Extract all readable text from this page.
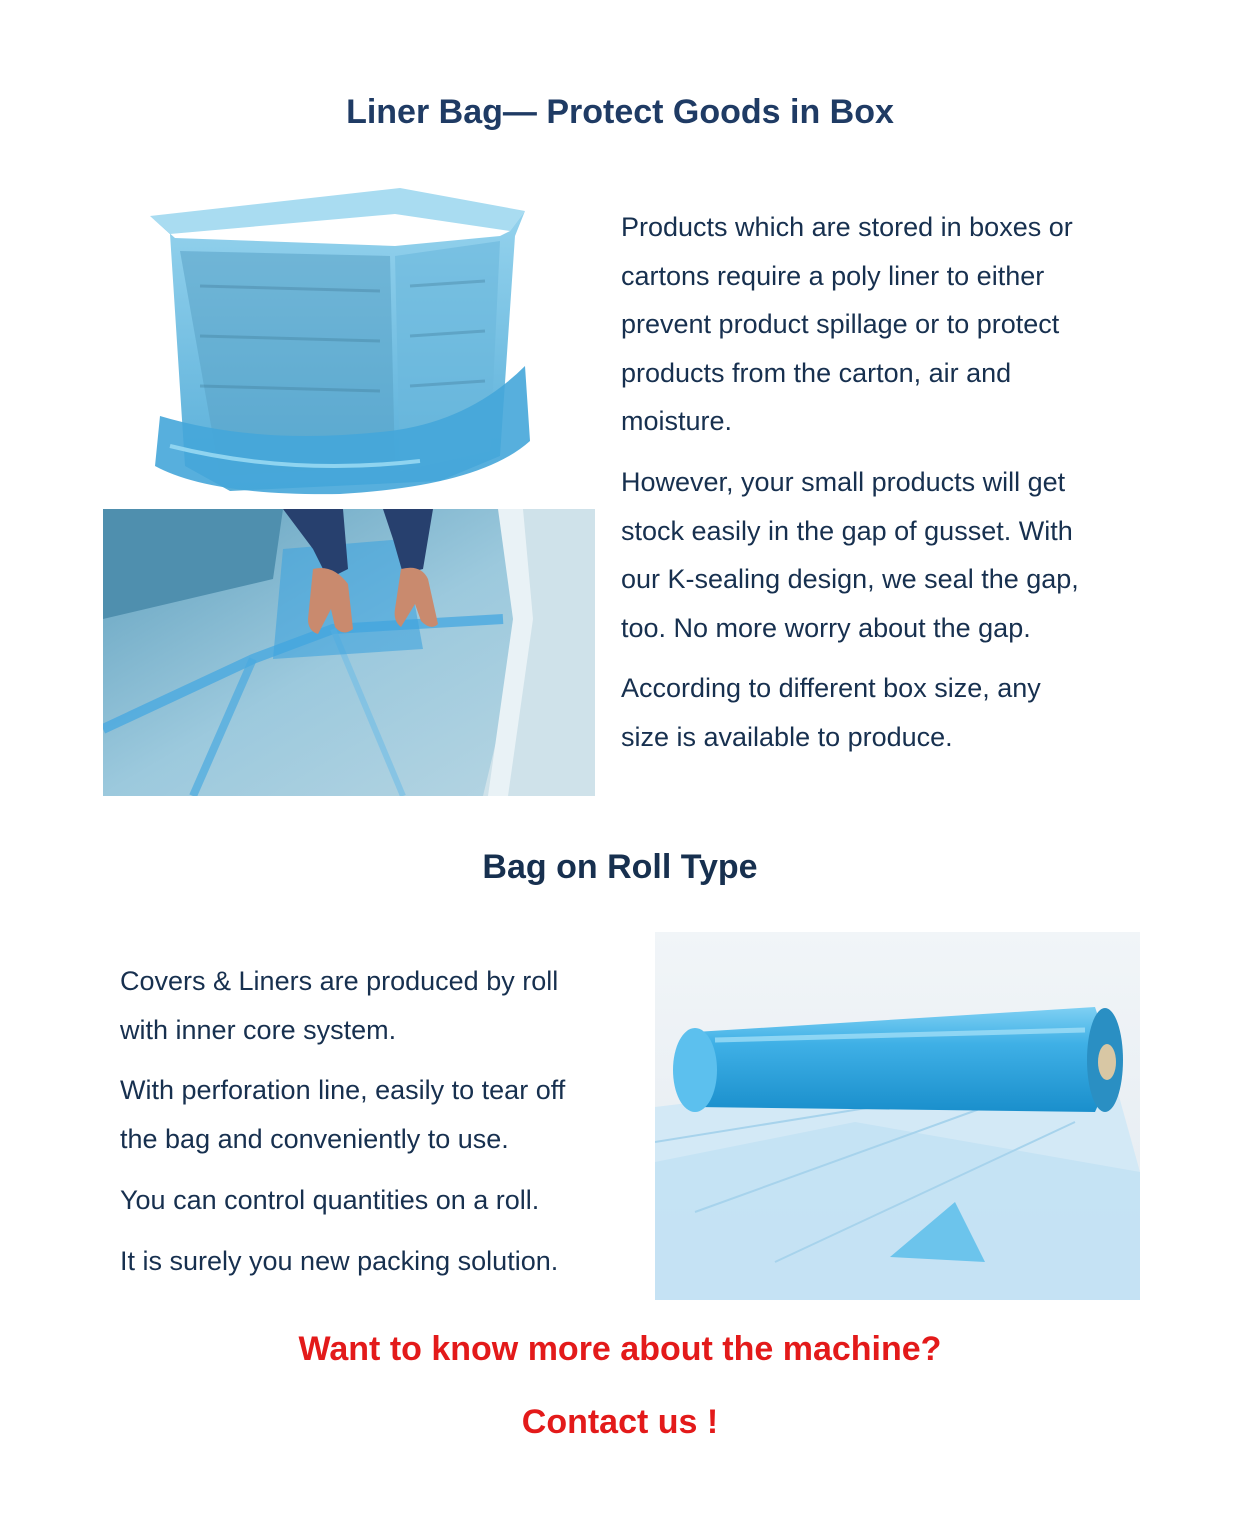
Liner Bag— Protect Goods in Box
Products which are stored in boxes or
cartons require a poly liner to either
prevent product spillage or to protect
products from the carton, air and
moisture.
However, your small products will get
stock easily in the gap of gusset. With
our K-sealing design, we seal the gap,
too. No more worry about the gap.
According to different box size, any
size is available to produce.
Bag on Roll Type
Covers & Liners are produced by roll
with inner core system.
With perforation line, easily to tear off
the bag and conveniently to use.
You can control quantities on a roll.
It is surely you new packing solution.
Want to know more about the machine?
Contact us !
